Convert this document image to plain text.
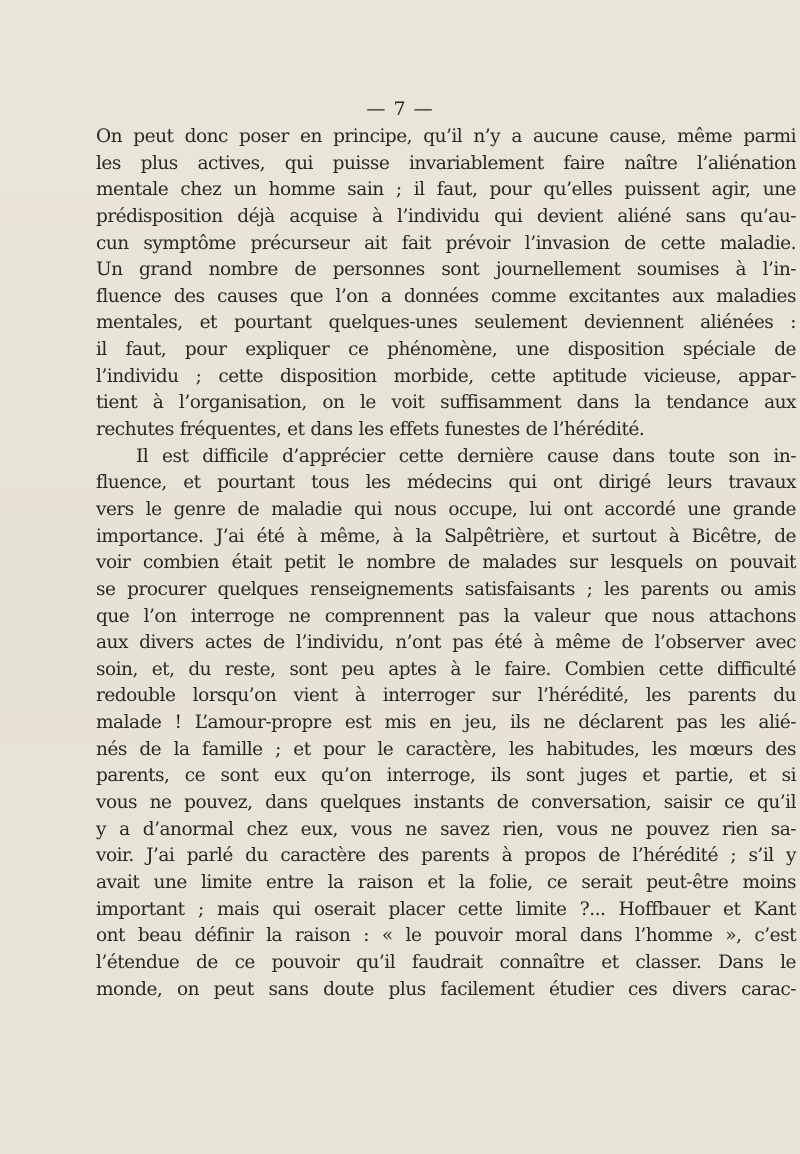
— 7 —
On peut donc poser en principe, qu’il n’y a aucune cause, même parmi
les plus actives, qui puisse invariablement faire naître l’aliénation
mentale chez un homme sain ; il faut, pour qu’elles puissent agir, une
prédisposition déjà acquise à l’individu qui devient aliéné sans qu’au-
cun symptôme précurseur ait fait prévoir l’invasion de cette maladie.
Un grand nombre de personnes sont journellement soumises à l’in-
fluence des causes que l’on a données comme excitantes aux maladies
mentales, et pourtant quelques-unes seulement deviennent aliénées :
il faut, pour expliquer ce phénomène, une disposition spéciale de
l’individu ; cette disposition morbide, cette aptitude vicieuse, appar-
tient à l’organisation, on le voit suffisamment dans la tendance aux
rechutes fréquentes, et dans les effets funestes de l’hérédité.
Il est difficile d’apprécier cette dernière cause dans toute son in-
fluence, et pourtant tous les médecins qui ont dirigé leurs travaux
vers le genre de maladie qui nous occupe, lui ont accordé une grande
importance. J’ai été à même, à la Salpêtrière, et surtout à Bicêtre, de
voir combien était petit le nombre de malades sur lesquels on pouvait
se procurer quelques renseignements satisfaisants ; les parents ou amis
que l’on interroge ne comprennent pas la valeur que nous attachons
aux divers actes de l’individu, n’ont pas été à même de l’observer avec
soin, et, du reste, sont peu aptes à le faire. Combien cette difficulté
redouble lorsqu’on vient à interroger sur l’hérédité, les parents du
malade ! L’amour-propre est mis en jeu, ils ne déclarent pas les alié-
nés de la famille ; et pour le caractère, les habitudes, les mœurs des
parents, ce sont eux qu’on interroge, ils sont juges et partie, et si
vous ne pouvez, dans quelques instants de conversation, saisir ce qu’il
y a d’anormal chez eux, vous ne savez rien, vous ne pouvez rien sa-
voir. J’ai parlé du caractère des parents à propos de l’hérédité ; s’il y
avait une limite entre la raison et la folie, ce serait peut-être moins
important ; mais qui oserait placer cette limite ?... Hoffbauer et Kant
ont beau définir la raison : « le pouvoir moral dans l’homme », c’est
l’étendue de ce pouvoir qu’il faudrait connaître et classer. Dans le
monde, on peut sans doute plus facilement étudier ces divers carac-
